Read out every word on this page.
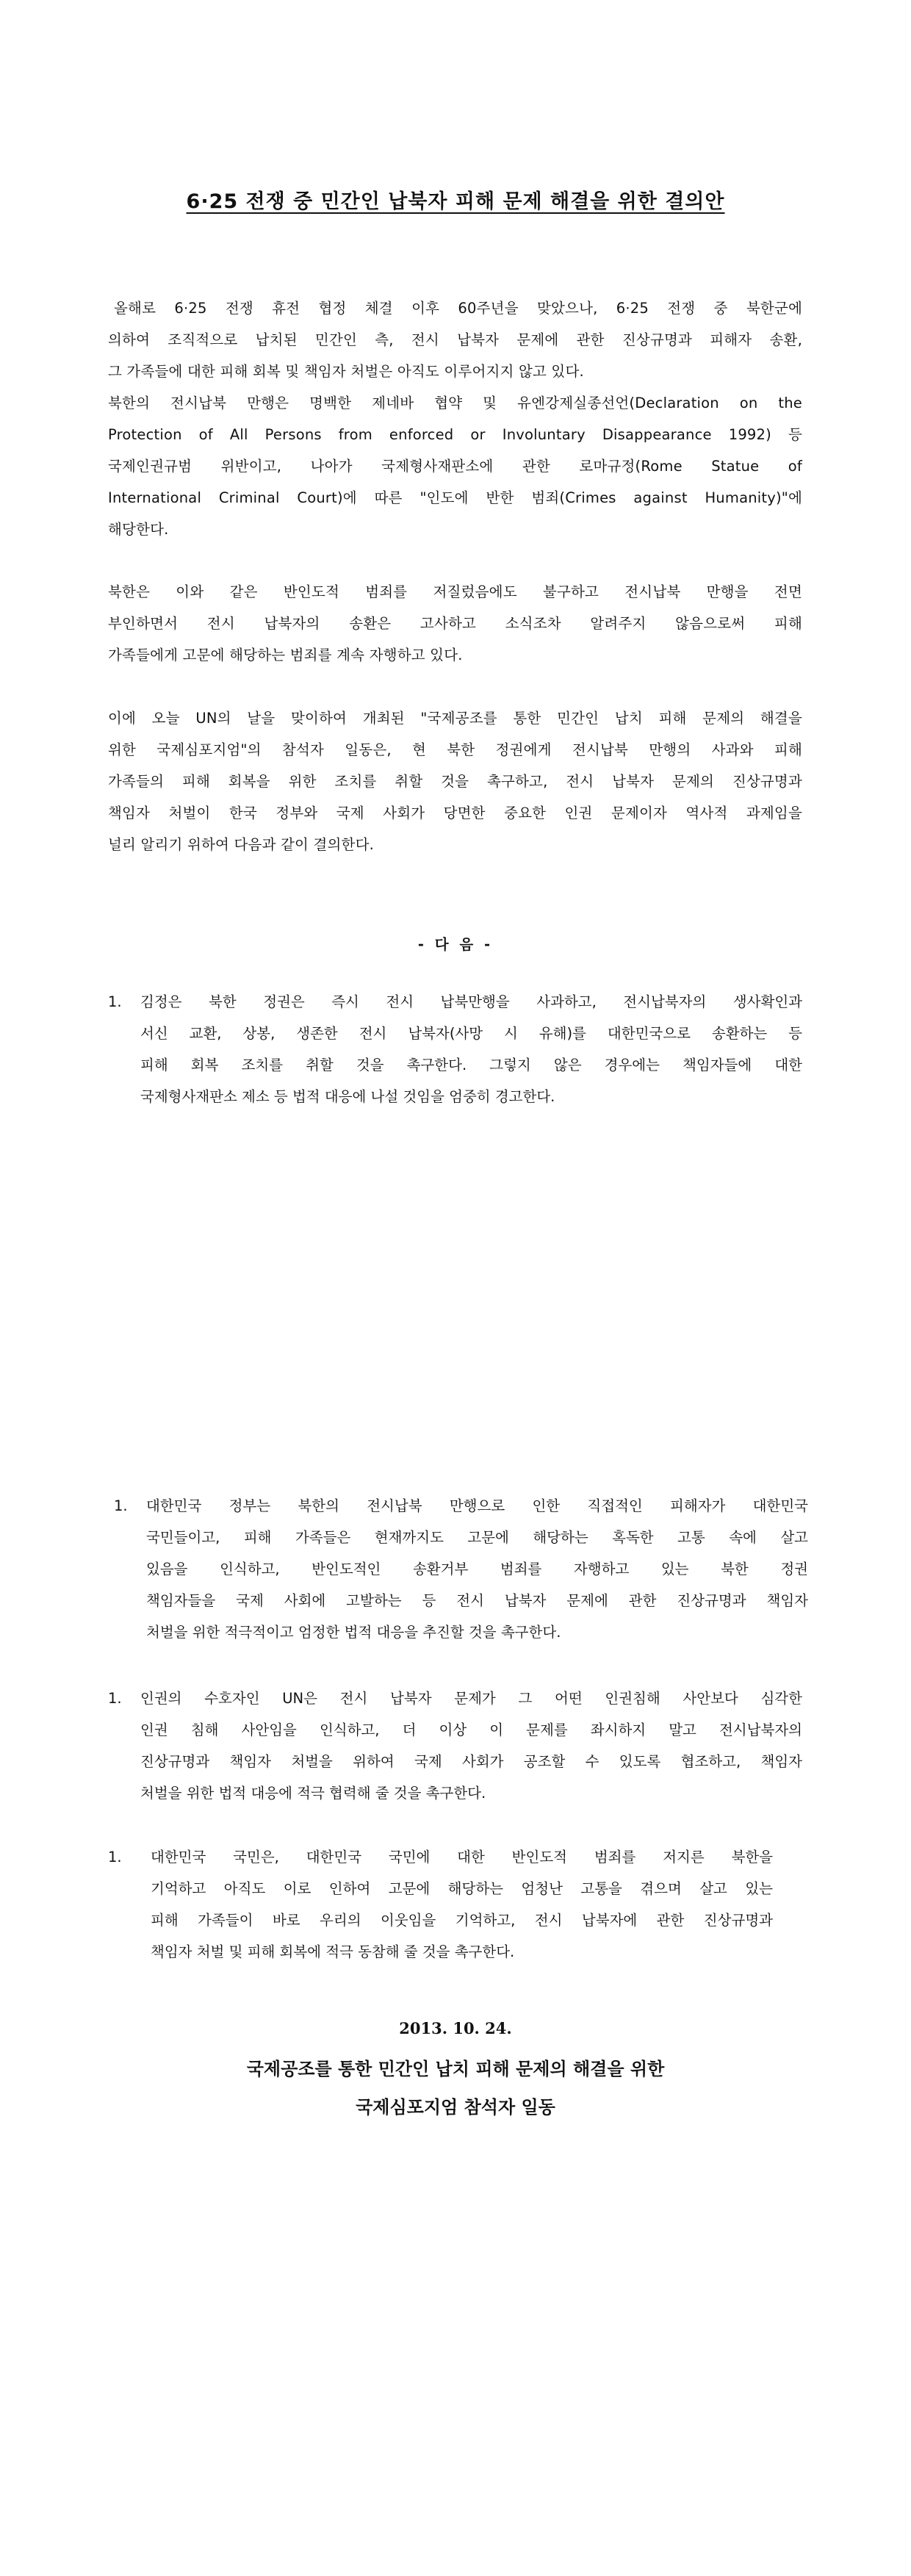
6·25 전쟁 중 민간인 납북자 피해 문제 해결을 위한 결의안

올해로 6·25 전쟁 휴전 협정 체결 이후 60주년을 맞았으나, 6·25 전쟁 중 북한군에
의하여 조직적으로 납치된 민간인 측, 전시 납북자 문제에 관한 진상규명과 피해자 송환,
그 가족들에 대한 피해 회복 및 책임자 처벌은 아직도 이루어지지 않고 있다.
북한의 전시납북 만행은 명백한 제네바 협약 및 유엔강제실종선언(Declaration on the
Protection of All Persons from enforced or Involuntary Disappearance 1992) 등
국제인권규범 위반이고, 나아가 국제형사재판소에 관한 로마규정(Rome Statue of
International Criminal Court)에 따른 "인도에 반한 범죄(Crimes against Humanity)"에
해당한다.

북한은 이와 같은 반인도적 범죄를 저질렀음에도 불구하고 전시납북 만행을 전면
부인하면서 전시 납북자의 송환은 고사하고 소식조차 알려주지 않음으로써 피해
가족들에게 고문에 해당하는 범죄를 계속 자행하고 있다.

이에 오늘 UN의 날을 맞이하여 개최된 "국제공조를 통한 민간인 납치 피해 문제의 해결을
위한 국제심포지엄"의 참석자 일동은, 현 북한 정권에게 전시납북 만행의 사과와 피해
가족들의 피해 회복을 위한 조치를 취할 것을 촉구하고, 전시 납북자 문제의 진상규명과
책임자 처벌이 한국 정부와 국제 사회가 당면한 중요한 인권 문제이자 역사적 과제임을
널리 알리기 위하여 다음과 같이 결의한다.

- 다 음 -
1. 김정은 북한 정권은 즉시 전시 납북만행을 사과하고, 전시납북자의 생사확인과
서신 교환, 상봉, 생존한 전시 납북자(사망 시 유해)를 대한민국으로 송환하는 등
피해 회복 조치를 취할 것을 촉구한다. 그렇지 않은 경우에는 책임자들에 대한
국제형사재판소 제소 등 법적 대응에 나설 것임을 엄중히 경고한다.
1. 대한민국 정부는 북한의 전시납북 만행으로 인한 직접적인 피해자가 대한민국
국민들이고, 피해 가족들은 현재까지도 고문에 해당하는 혹독한 고통 속에 살고
있음을 인식하고, 반인도적인 송환거부 범죄를 자행하고 있는 북한 정권
책임자들을 국제 사회에 고발하는 등 전시 납북자 문제에 관한 진상규명과 책임자
처벌을 위한 적극적이고 엄정한 법적 대응을 추진할 것을 촉구한다.
1. 인권의 수호자인 UN은 전시 납북자 문제가 그 어떤 인권침해 사안보다 심각한
인권 침해 사안임을 인식하고, 더 이상 이 문제를 좌시하지 말고 전시납북자의
진상규명과 책임자 처벌을 위하여 국제 사회가 공조할 수 있도록 협조하고, 책임자
처벌을 위한 법적 대응에 적극 협력해 줄 것을 촉구한다.
1. 대한민국 국민은, 대한민국 국민에 대한 반인도적 범죄를 저지른 북한을
기억하고 아직도 이로 인하여 고문에 해당하는 엄청난 고통을 겪으며 살고 있는
피해 가족들이 바로 우리의 이웃임을 기억하고, 전시 납북자에 관한 진상규명과
책임자 처벌 및 피해 회복에 적극 동참해 줄 것을 촉구한다.
2013. 10. 24.
국제공조를 통한 민간인 납치 피해 문제의 해결을 위한
국제심포지엄 참석자 일동
